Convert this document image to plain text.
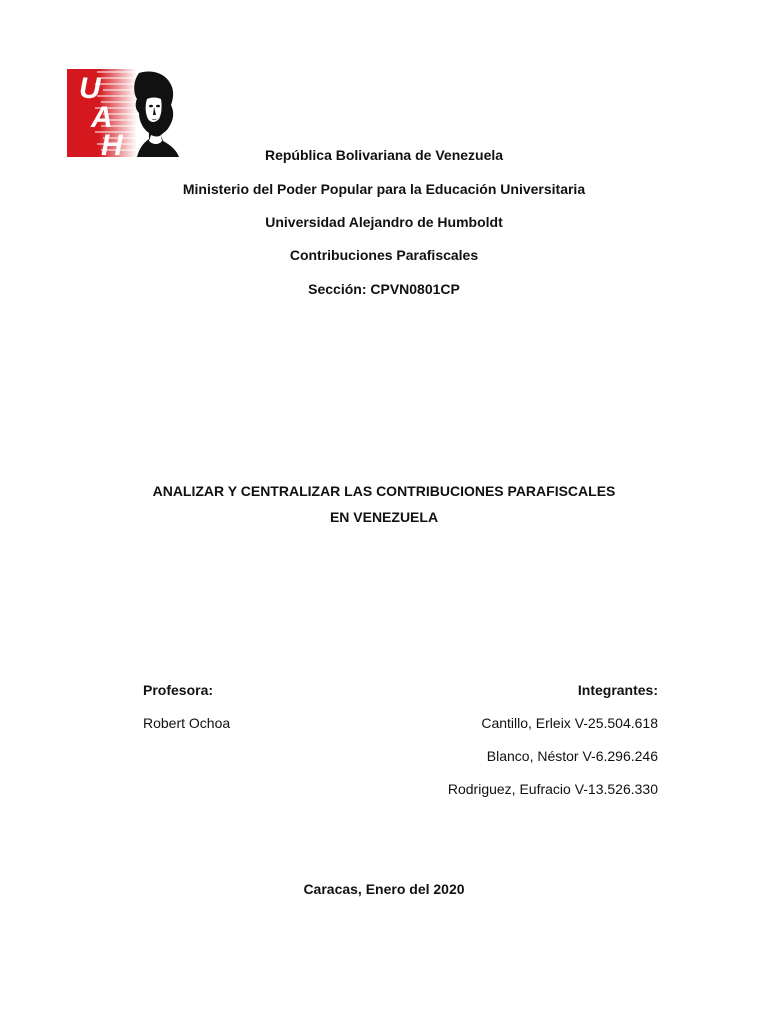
U
A
H	República Bolivariana de Venezuela
Ministerio del Poder Popular para la Educación Universitaria
Universidad Alejandro de Humboldt
Contribuciones Parafiscales
Sección: CPVN0801CP
ANALIZAR Y CENTRALIZAR LAS CONTRIBUCIONES PARAFISCALES
EN VENEZUELA
Profesora:
Robert Ochoa
Integrantes:
Cantillo, Erleix V-25.504.618
Blanco, Néstor V-6.296.246
Rodriguez, Eufracio V-13.526.330
Caracas, Enero del 2020
